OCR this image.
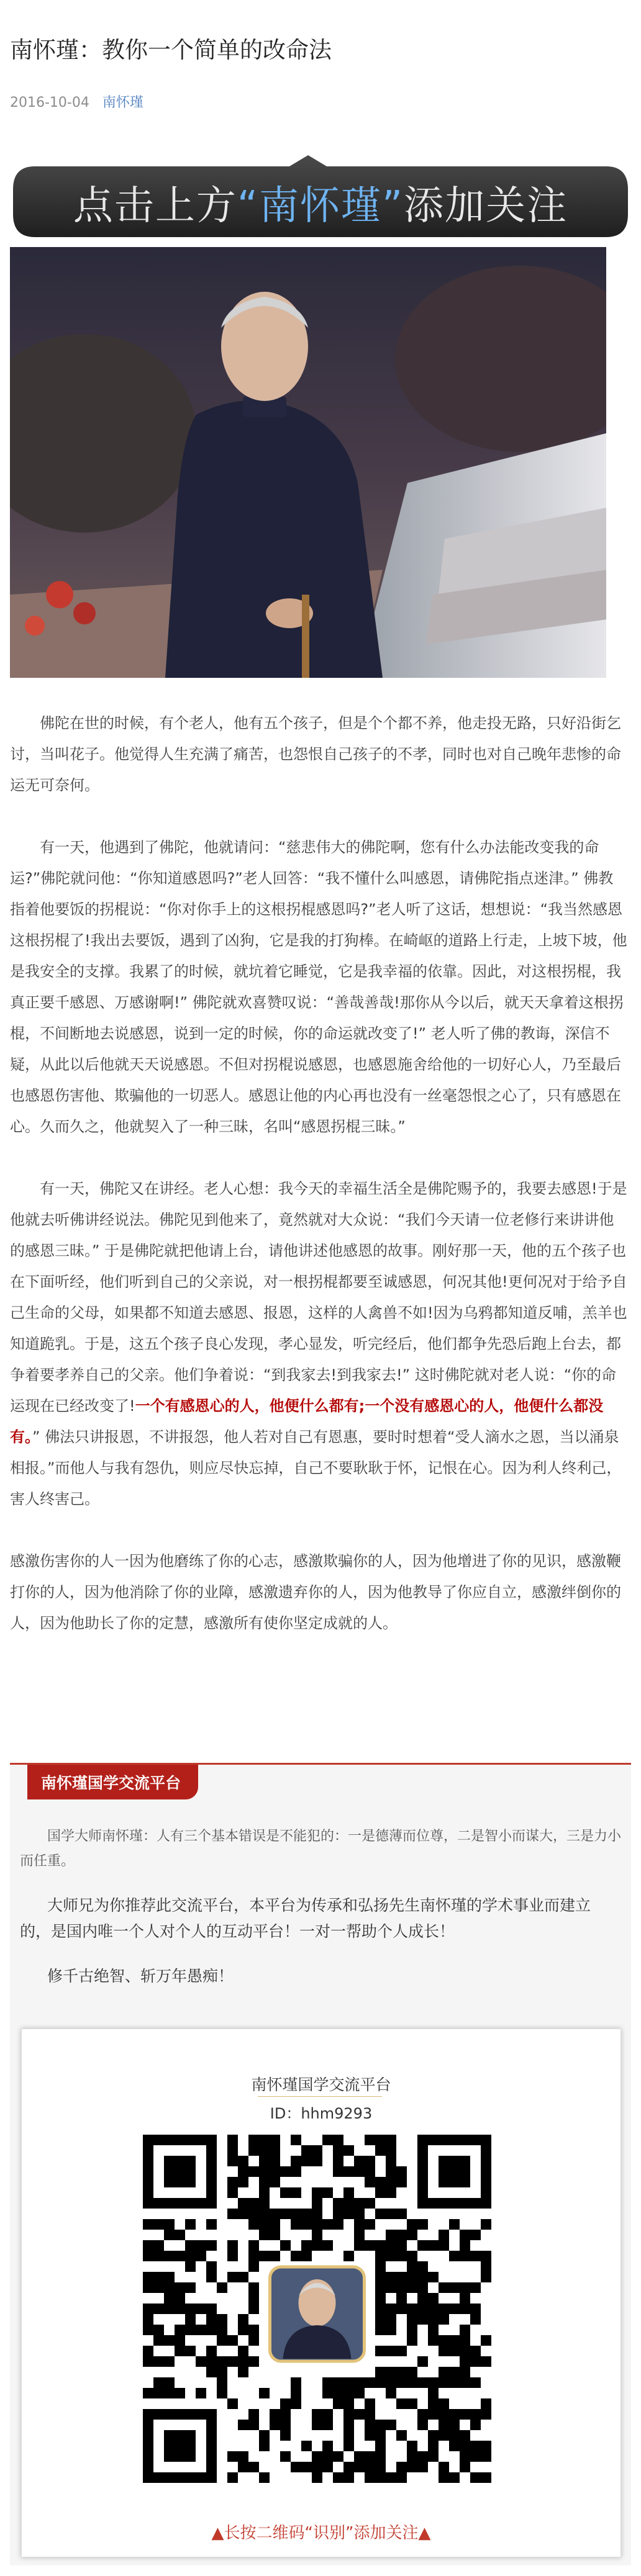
南怀瑾：教你一个简单的改命法
2016-10-04 南怀瑾
点击上方“南怀瑾”添加关注

佛陀在世的时候，有个老人，他有五个孩子，但是个个都不养，他走投无路，只好沿街乞讨，当叫花子。他觉得人生充满了痛苦，也怨恨自己孩子的不孝，同时也对自己晚年悲惨的命运无可奈何。

有一天，他遇到了佛陀，他就请问：“慈悲伟大的佛陀啊，您有什么办法能改变我的命运?”佛陀就问他：“你知道感恩吗?”老人回答：“我不懂什么叫感恩，请佛陀指点迷津。” 佛教指着他要饭的拐棍说：“你对你手上的这根拐棍感恩吗?”老人听了这话，想想说：“我当然感恩这根拐棍了!我出去要饭，遇到了凶狗，它是我的打狗棒。在崎岖的道路上行走，上坡下坡，他是我安全的支撑。我累了的时候，就坑着它睡觉，它是我幸福的依靠。因此，对这根拐棍，我真正要千感恩、万感谢啊!” 佛陀就欢喜赞叹说：“善哉善哉!那你从今以后，就天天拿着这根拐棍，不间断地去说感恩，说到一定的时候，你的命运就改变了!” 老人听了佛的教诲，深信不疑，从此以后他就天天说感恩。不但对拐棍说感恩，也感恩施舍给他的一切好心人，乃至最后也感恩伤害他、欺骗他的一切恶人。感恩让他的内心再也没有一丝毫怨恨之心了，只有感恩在心。久而久之，他就契入了一种三昧，名叫“感恩拐棍三昧。”

有一天，佛陀又在讲经。老人心想：我今天的幸福生活全是佛陀赐予的，我要去感恩!于是他就去听佛讲经说法。佛陀见到他来了，竟然就对大众说：“我们今天请一位老修行来讲讲他的感恩三昧。” 于是佛陀就把他请上台，请他讲述他感恩的故事。刚好那一天，他的五个孩子也在下面听经，他们听到自己的父亲说，对一根拐棍都要至诚感恩，何况其他!更何况对于给予自己生命的父母，如果都不知道去感恩、报恩，这样的人禽兽不如!因为乌鸦都知道反哺，羔羊也知道跪乳。于是，这五个孩子良心发现，孝心显发，听完经后，他们都争先恐后跑上台去，都争着要孝养自己的父亲。他们争着说：“到我家去!到我家去!” 这时佛陀就对老人说：“你的命运现在已经改变了!一个有感恩心的人，他便什么都有;一个没有感恩心的人，他便什么都没有。” 佛法只讲报恩，不讲报怨，他人若对自己有恩惠，要时时想着“受人滴水之恩，当以涌泉相报。”而他人与我有怨仇，则应尽快忘掉，自己不要耿耿于怀，记恨在心。因为利人终利己，害人终害己。

感激伤害你的人一因为他磨练了你的心志，感激欺骗你的人，因为他增进了你的见识，感激鞭打你的人，因为他消除了你的业障，感激遗弃你的人，因为他教导了你应自立，感激绊倒你的人，因为他助长了你的定慧，感激所有使你坚定成就的人。

南怀瑾国学交流平台

国学大师南怀瑾：人有三个基本错误是不能犯的：一是德薄而位尊，二是智小而谋大，三是力小而任重。

大师兄为你推荐此交流平台，本平台为传承和弘扬先生南怀瑾的学术事业而建立的，是国内唯一个人对个人的互动平台！一对一帮助个人成长！

修千古绝智、斩万年愚痴！

南怀瑾国学交流平台
ID：hhm9293
▲长按二维码“识别”添加关注▲
